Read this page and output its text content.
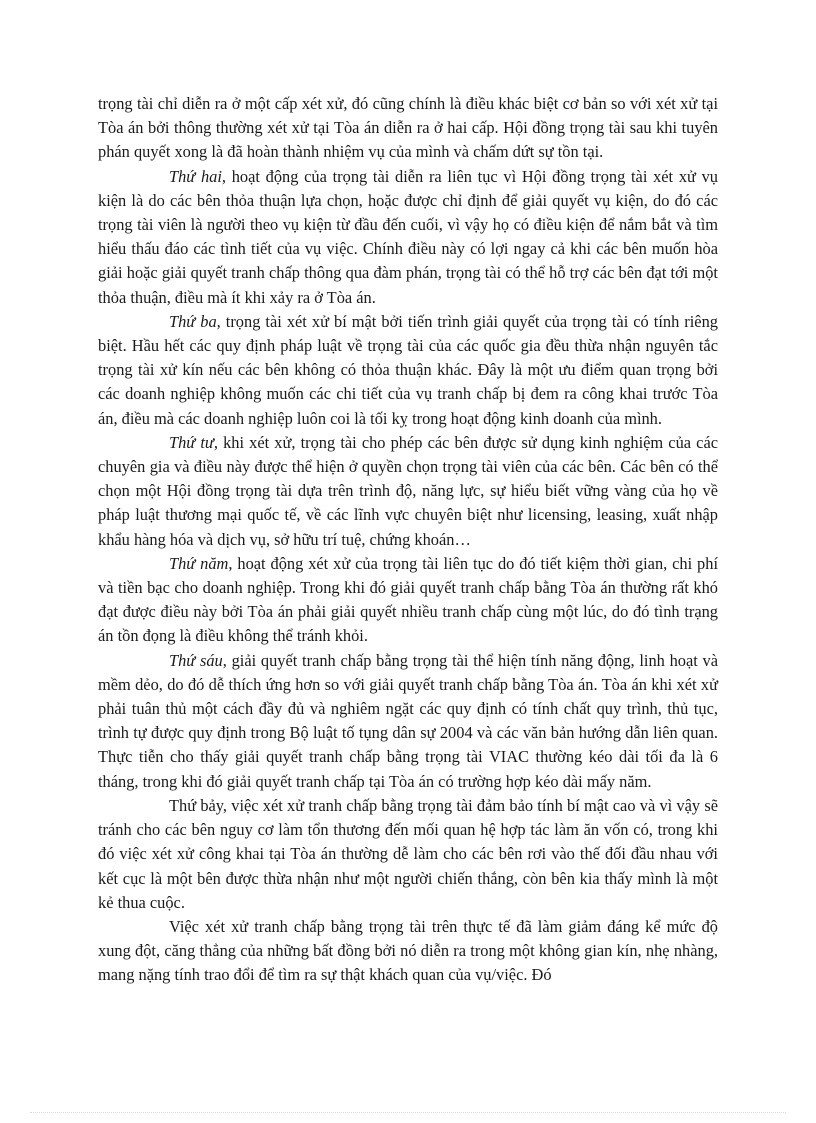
trọng tài chỉ diễn ra ở một cấp xét xử, đó cũng chính là điều khác biệt cơ bản so với xét xử tại Tòa án bởi thông thường xét xử tại Tòa án diễn ra ở hai cấp. Hội đồng trọng tài sau khi tuyên phán quyết xong là đã hoàn thành nhiệm vụ của mình và chấm dứt sự tồn tại.

Thứ hai, hoạt động của trọng tài diễn ra liên tục vì Hội đồng trọng tài xét xử vụ kiện là do các bên thỏa thuận lựa chọn, hoặc được chỉ định để giải quyết vụ kiện, do đó các trọng tài viên là người theo vụ kiện từ đầu đến cuối, vì vậy họ có điều kiện để nắm bắt và tìm hiểu thấu đáo các tình tiết của vụ việc. Chính điều này có lợi ngay cả khi các bên muốn hòa giải hoặc giải quyết tranh chấp thông qua đàm phán, trọng tài có thể hỗ trợ các bên đạt tới một thỏa thuận, điều mà ít khi xảy ra ở Tòa án.

Thứ ba, trọng tài xét xử bí mật bởi tiến trình giải quyết của trọng tài có tính riêng biệt. Hầu hết các quy định pháp luật về trọng tài của các quốc gia đều thừa nhận nguyên tắc trọng tài xử kín nếu các bên không có thỏa thuận khác. Đây là một ưu điểm quan trọng bởi các doanh nghiệp không muốn các chi tiết của vụ tranh chấp bị đem ra công khai trước Tòa án, điều mà các doanh nghiệp luôn coi là tối kỵ trong hoạt động kinh doanh của mình.

Thứ tư, khi xét xử, trọng tài cho phép các bên được sử dụng kinh nghiệm của các chuyên gia và điều này được thể hiện ở quyền chọn trọng tài viên của các bên. Các bên có thể chọn một Hội đồng trọng tài dựa trên trình độ, năng lực, sự hiểu biết vững vàng của họ về pháp luật thương mại quốc tế, về các lĩnh vực chuyên biệt như licensing, leasing, xuất nhập khẩu hàng hóa và dịch vụ, sở hữu trí tuệ, chứng khoán…

Thứ năm, hoạt động xét xử của trọng tài liên tục do đó tiết kiệm thời gian, chi phí và tiền bạc cho doanh nghiệp. Trong khi đó giải quyết tranh chấp bằng Tòa án thường rất khó đạt được điều này bởi Tòa án phải giải quyết nhiều tranh chấp cùng một lúc, do đó tình trạng án tồn đọng là điều không thể tránh khỏi.

Thứ sáu, giải quyết tranh chấp bằng trọng tài thể hiện tính năng động, linh hoạt và mềm dẻo, do đó dễ thích ứng hơn so với giải quyết tranh chấp bằng Tòa án. Tòa án khi xét xử phải tuân thủ một cách đầy đủ và nghiêm ngặt các quy định có tính chất quy trình, thủ tục, trình tự được quy định trong Bộ luật tố tụng dân sự 2004 và các văn bản hướng dẫn liên quan. Thực tiễn cho thấy giải quyết tranh chấp bằng trọng tài VIAC thường kéo dài tối đa là 6 tháng, trong khi đó giải quyết tranh chấp tại Tòa án có trường hợp kéo dài mấy năm.

Thứ bảy, việc xét xử tranh chấp bằng trọng tài đảm bảo tính bí mật cao và vì vậy sẽ tránh cho các bên nguy cơ làm tổn thương đến mối quan hệ hợp tác làm ăn vốn có, trong khi đó việc xét xử công khai tại Tòa án thường dễ làm cho các bên rơi vào thế đối đầu nhau với kết cục là một bên được thừa nhận như một người chiến thắng, còn bên kia thấy mình là một kẻ thua cuộc.

Việc xét xử tranh chấp bằng trọng tài trên thực tế đã làm giảm đáng kể mức độ xung đột, căng thẳng của những bất đồng bởi nó diễn ra trong một không gian kín, nhẹ nhàng, mang nặng tính trao đổi để tìm ra sự thật khách quan của vụ/việc. Đó
